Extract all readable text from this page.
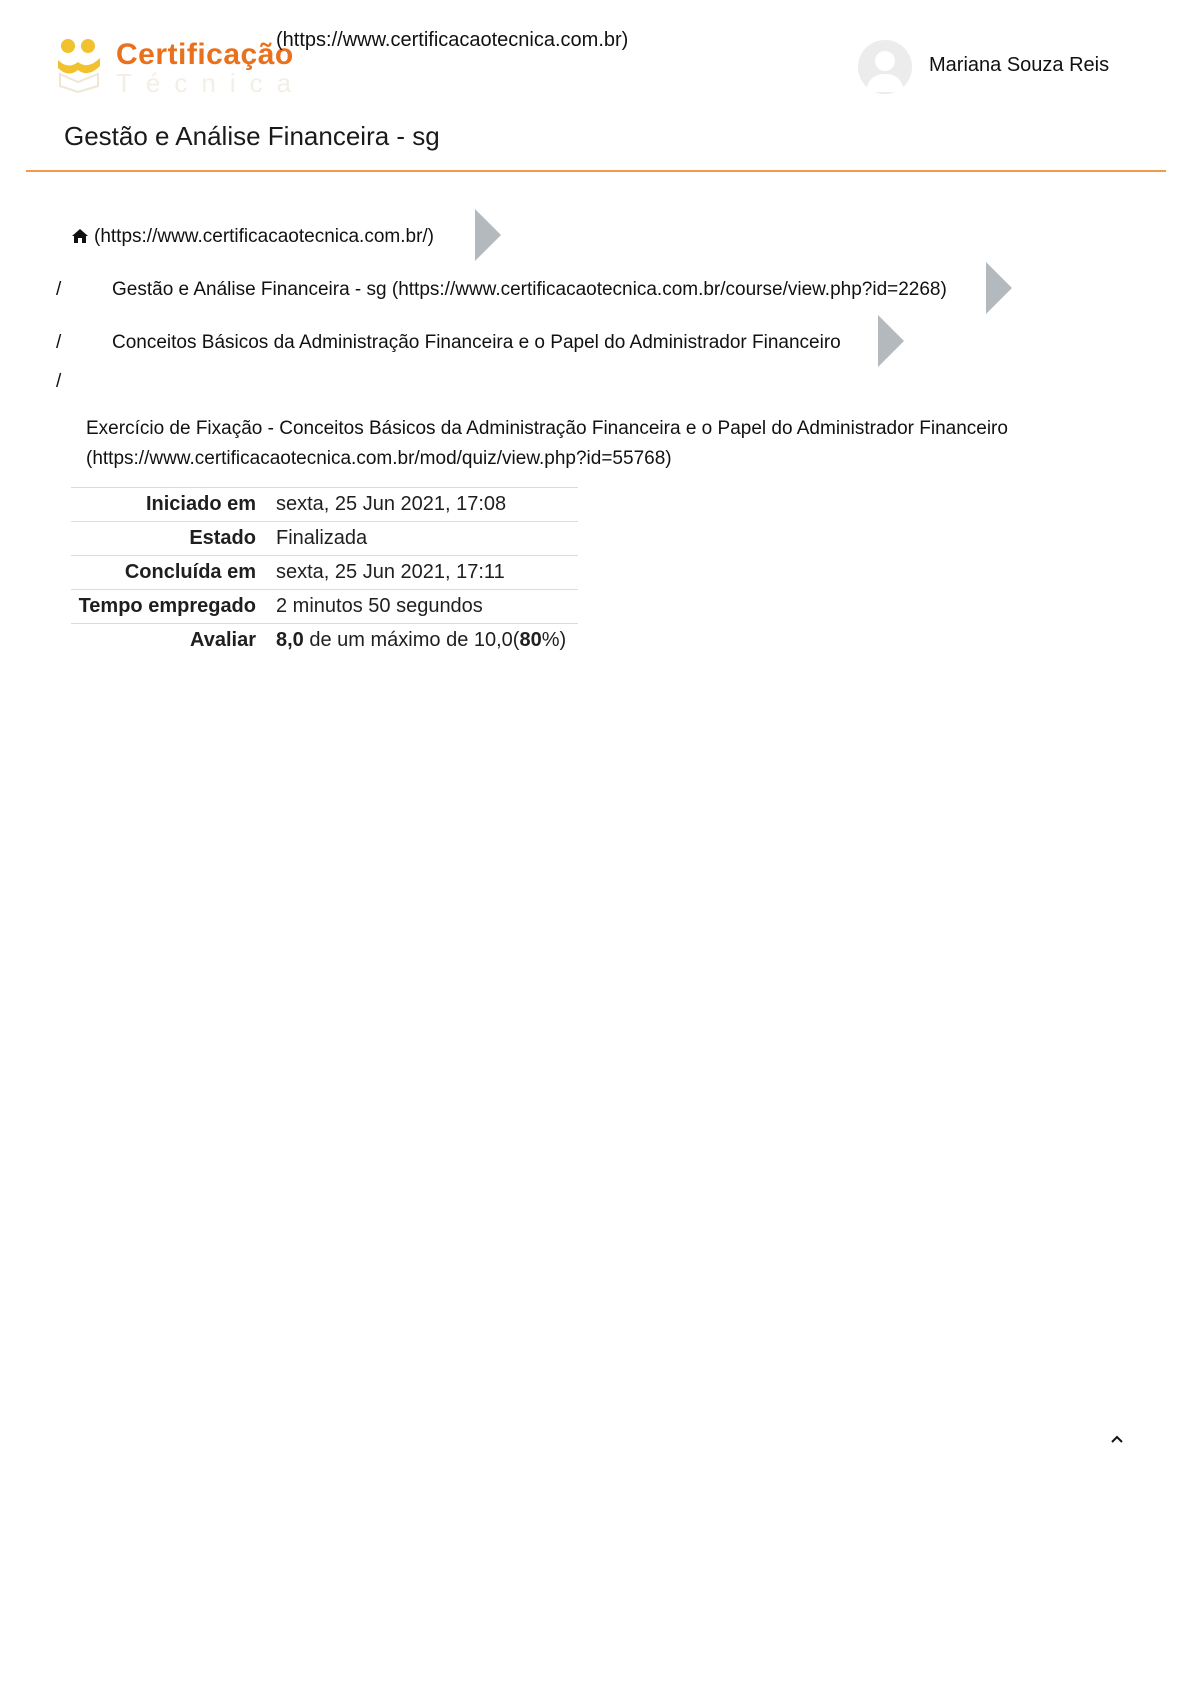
Certificação
Técnica
(https://www.certificacaotecnica.com.br)
Mariana Souza Reis
Gestão e Análise Financeira - sg
(https://www.certificacaotecnica.com.br/)
/	Gestão e Análise Financeira - sg (https://www.certificacaotecnica.com.br/course/view.php?id=2268)
/	Conceitos Básicos da Administração Financeira e o Papel do Administrador Financeiro
/
Exercício de Fixação - Conceitos Básicos da Administração Financeira e o Papel do Administrador Financeiro
(https://www.certificacaotecnica.com.br/mod/quiz/view.php?id=55768)
Iniciado em	sexta, 25 Jun 2021, 17:08
Estado	Finalizada
Concluída em	sexta, 25 Jun 2021, 17:11
Tempo empregado	2 minutos 50 segundos
Avaliar	8,0 de um máximo de 10,0(80%)
